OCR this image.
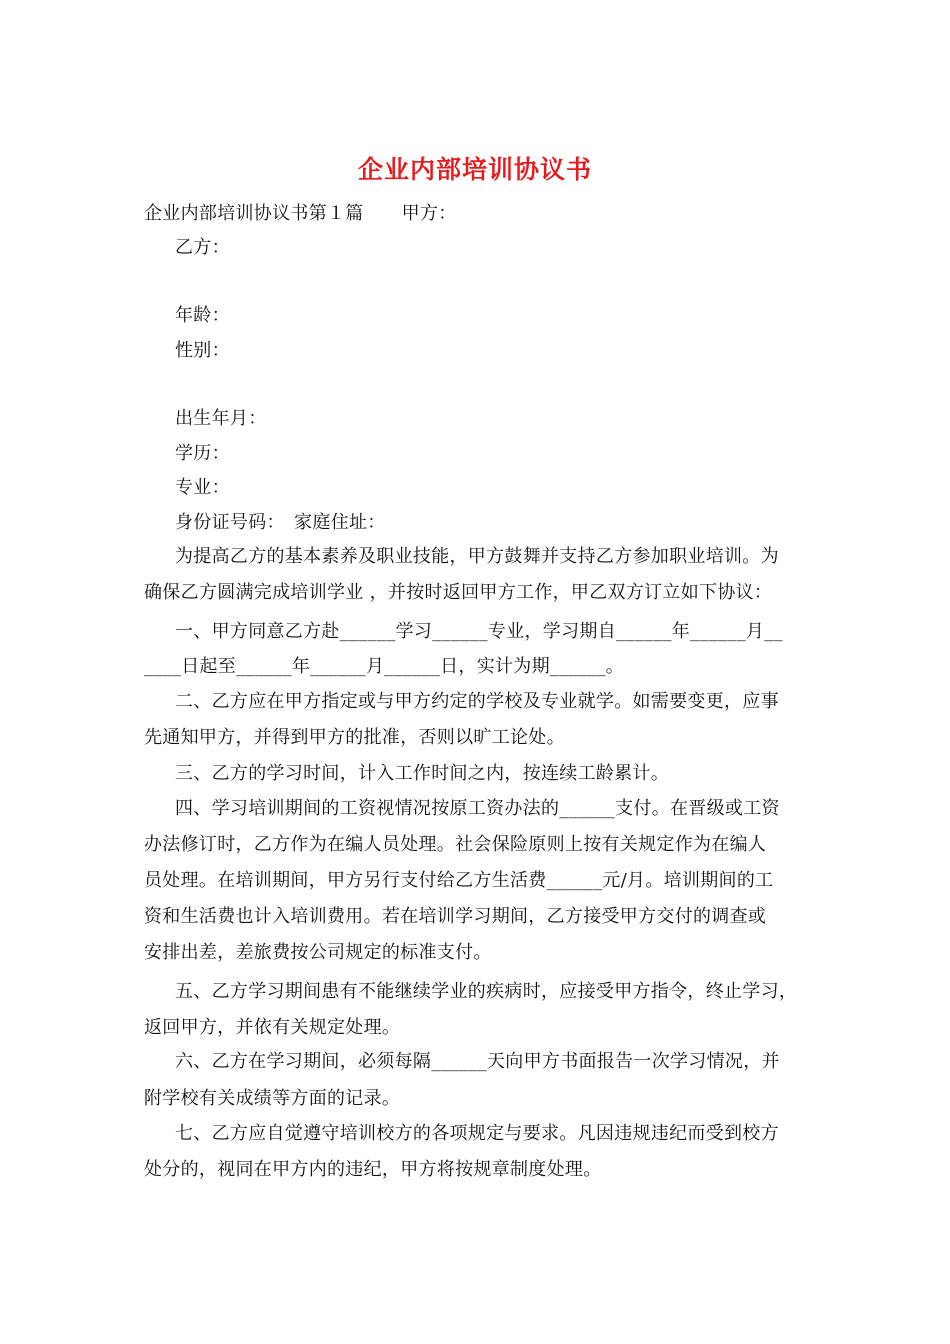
企业内部培训协议书
企业内部培训协议书第１篇 甲方：
乙方：
年龄：
性别：
出生年月：
学历：
专业：
身份证号码：　家庭住址：
为提高乙方的基本素养及职业技能，甲方鼓舞并支持乙方参加职业培训。为
确保乙方圆满完成培训学业 ，并按时返回甲方工作，甲乙双方订立如下协议：
一、甲方同意乙方赴______学习______专业，学习期自______年______月__
____日起至______年______月______日，实计为期______。
二、乙方应在甲方指定或与甲方约定的学校及专业就学。如需要变更，应事
先通知甲方，并得到甲方的批准，否则以旷工论处。
三、乙方的学习时间，计入工作时间之内，按连续工龄累计。
四、学习培训期间的工资视情况按原工资办法的______支付。在晋级或工资
办法修订时，乙方作为在编人员处理。社会保险原则上按有关规定作为在编人
员处理。在培训期间，甲方另行支付给乙方生活费______元/月。培训期间的工
资和生活费也计入培训费用。若在培训学习期间，乙方接受甲方交付的调查或
安排出差，差旅费按公司规定的标准支付。
五、乙方学习期间患有不能继续学业的疾病时，应接受甲方指令，终止学习，
返回甲方，并依有关规定处理。
六、乙方在学习期间，必须每隔______天向甲方书面报告一次学习情况，并
附学校有关成绩等方面的记录。
七、乙方应自觉遵守培训校方的各项规定与要求。凡因违规违纪而受到校方
处分的，视同在甲方内的违纪，甲方将按规章制度处理。
